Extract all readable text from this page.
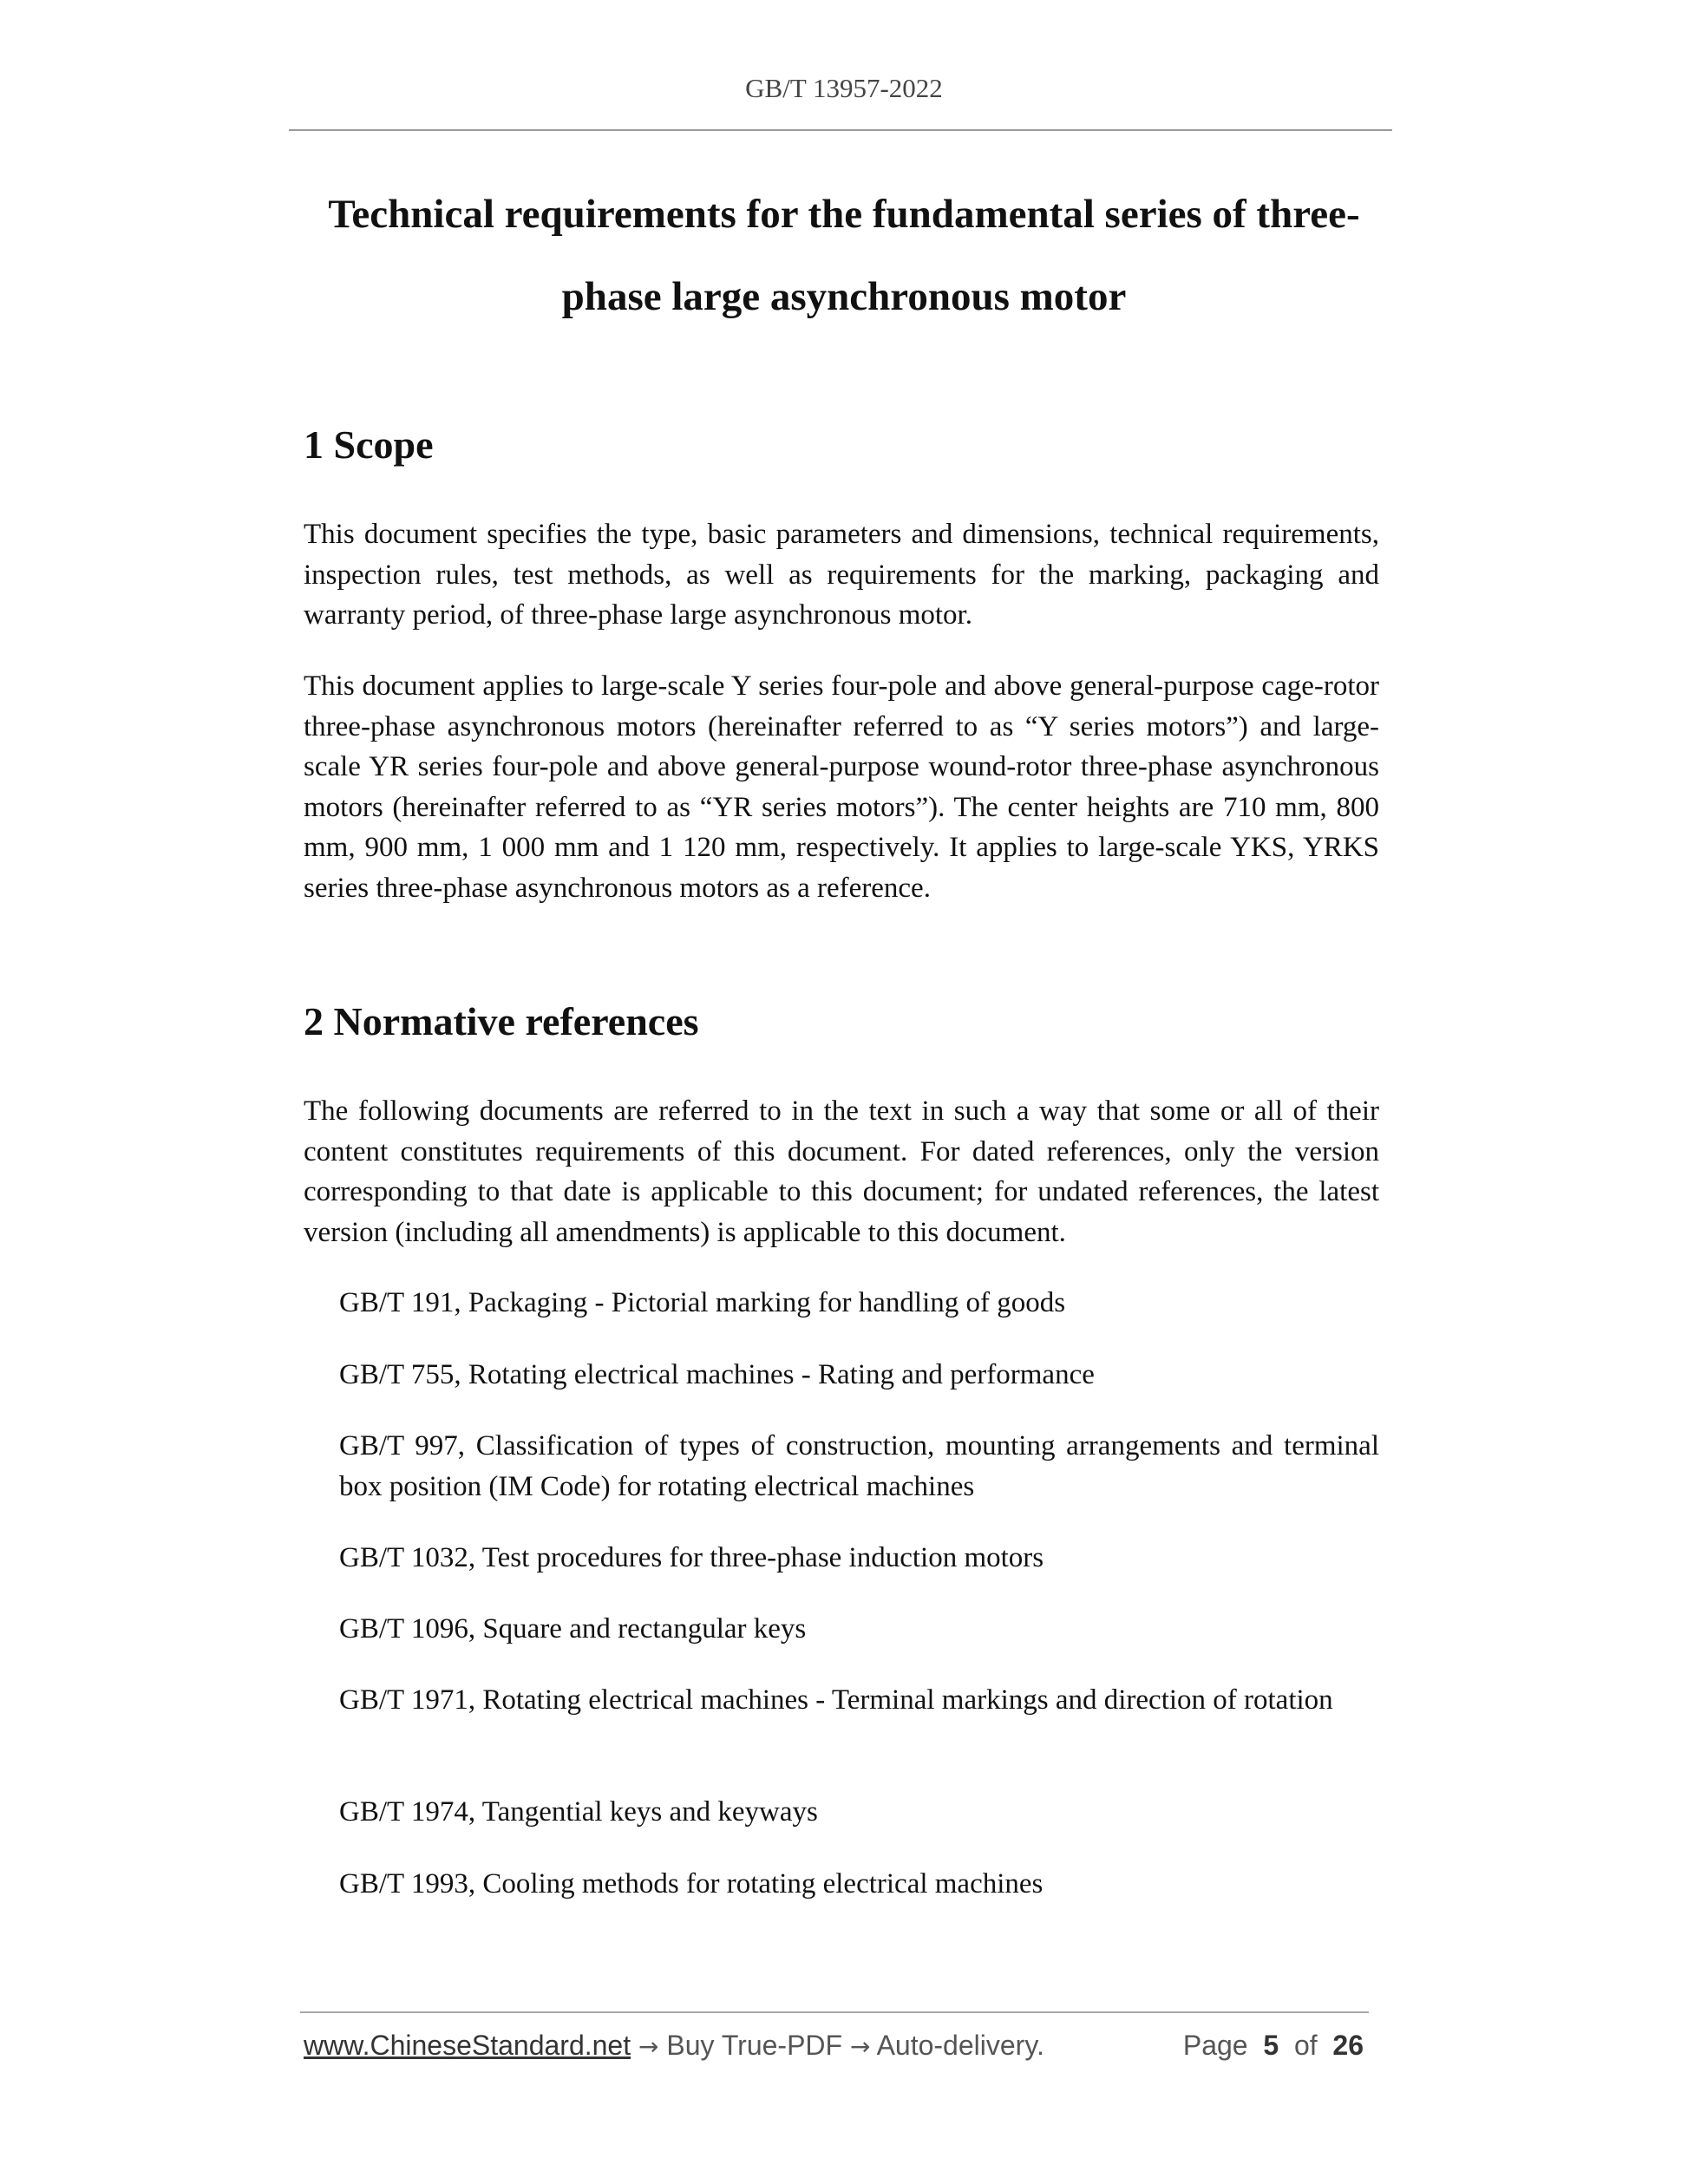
GB/T 13957-2022
Technical requirements for the fundamental series of three-
phase large asynchronous motor
1 Scope

This document specifies the type, basic parameters and dimensions, technical requirements, inspection rules, test methods, as well as requirements for the marking, packaging and warranty period, of three-phase large asynchronous motor.

This document applies to large-scale Y series four-pole and above general-purpose cage-rotor three-phase asynchronous motors (hereinafter referred to as “Y series motors”) and large-scale YR series four-pole and above general-purpose wound-rotor three-phase asynchronous motors (hereinafter referred to as “YR series motors”). The center heights are 710 mm, 800 mm, 900 mm, 1 000 mm and 1 120 mm, respectively. It applies to large-scale YKS, YRKS series three-phase asynchronous motors as a reference.

2 Normative references

The following documents are referred to in the text in such a way that some or all of their content constitutes requirements of this document. For dated references, only the version corresponding to that date is applicable to this document; for undated references, the latest version (including all amendments) is applicable to this document.

GB/T 191, Packaging - Pictorial marking for handling of goods

GB/T 755, Rotating electrical machines - Rating and performance

GB/T 997, Classification of types of construction, mounting arrangements and terminal box position (IM Code) for rotating electrical machines

GB/T 1032, Test procedures for three-phase induction motors

GB/T 1096, Square and rectangular keys

GB/T 1971, Rotating electrical machines - Terminal markings and direction of rotation

GB/T 1974, Tangential keys and keyways

GB/T 1993, Cooling methods for rotating electrical machines

www.ChineseStandard.net → Buy True-PDF → Auto-delivery.	Page 5 of 26
